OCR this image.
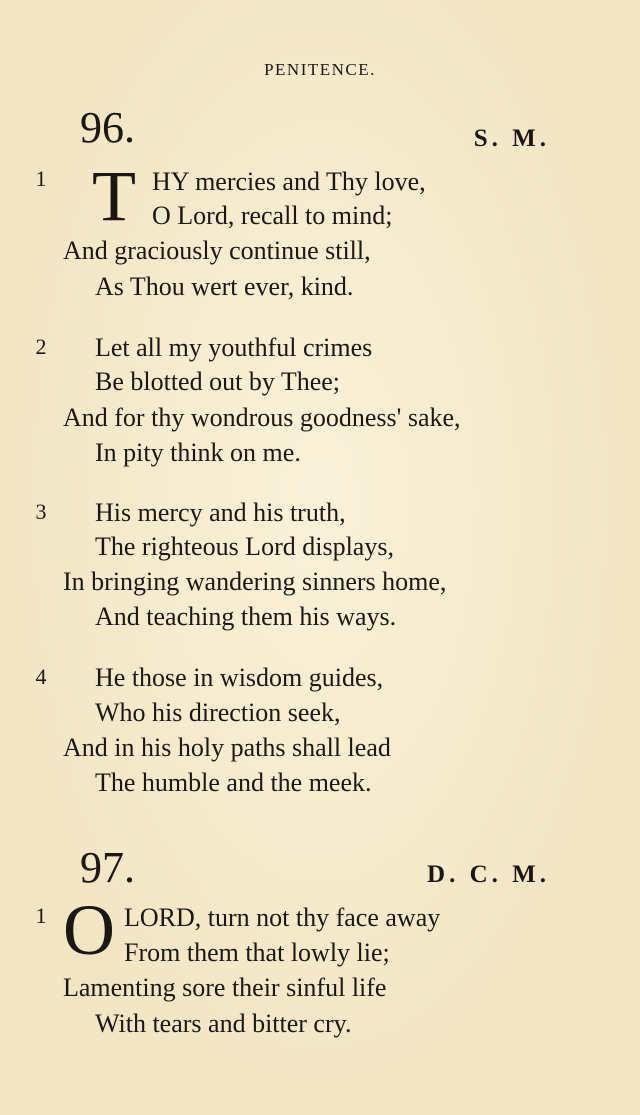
PENITENCE.
96.	S. M.
1 T HY mercies and Thy love,
O Lord, recall to mind;
And graciously continue still,
As Thou wert ever, kind.
2 Let all my youthful crimes
Be blotted out by Thee;
And for thy wondrous goodness' sake,
In pity think on me.
3 His mercy and his truth,
The righteous Lord displays,
In bringing wandering sinners home,
And teaching them his ways.
4 He those in wisdom guides,
Who his direction seek,
And in his holy paths shall lead
The humble and the meek.
97.	D. C. M.
1 O LORD, turn not thy face away
From them that lowly lie;
Lamenting sore their sinful life
With tears and bitter cry.
